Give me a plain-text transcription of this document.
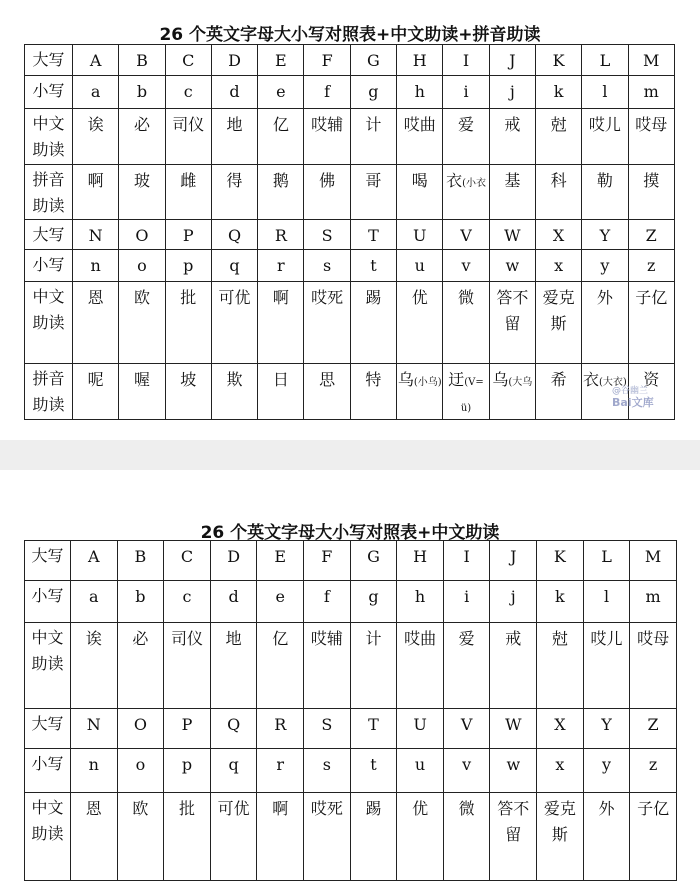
26 个英文字母大小写对照表+中文助读+拼音助读
大写	A	B	C	D	E	F	G	H	I	J	K	L	M
小写	a	b	c	d	e	f	g	h	i	j	k	l	m
中文助读	诶	必	司仪	地	亿	哎辅	计	哎曲	爱	戒	尅	哎儿	哎母
拼音助读	啊	玻	雌	得	鹅	佛	哥	喝	衣(小衣	基	科	勒	摸
大写	N	O	P	Q	R	S	T	U	V	W	X	Y	Z
小写	n	o	p	q	r	s	t	u	v	w	x	y	z
中文助读	恩	欧	批	可优	啊	哎死	踢	优	微	答不留	爱克斯	外	子亿
拼音助读	呢	喔	坡	欺	日	思	特	乌(小乌)	迂(V=ü)	乌(大乌	希	衣(大衣)	资
@谷幽兰
Bai文库
26 个英文字母大小写对照表+中文助读
大写	A	B	C	D	E	F	G	H	I	J	K	L	M
小写	a	b	c	d	e	f	g	h	i	j	k	l	m
中文助读	诶	必	司仪	地	亿	哎辅	计	哎曲	爱	戒	尅	哎儿	哎母
大写	N	O	P	Q	R	S	T	U	V	W	X	Y	Z
小写	n	o	p	q	r	s	t	u	v	w	x	y	z
中文助读	恩	欧	批	可优	啊	哎死	踢	优	微	答不留	爱克斯	外	子亿
